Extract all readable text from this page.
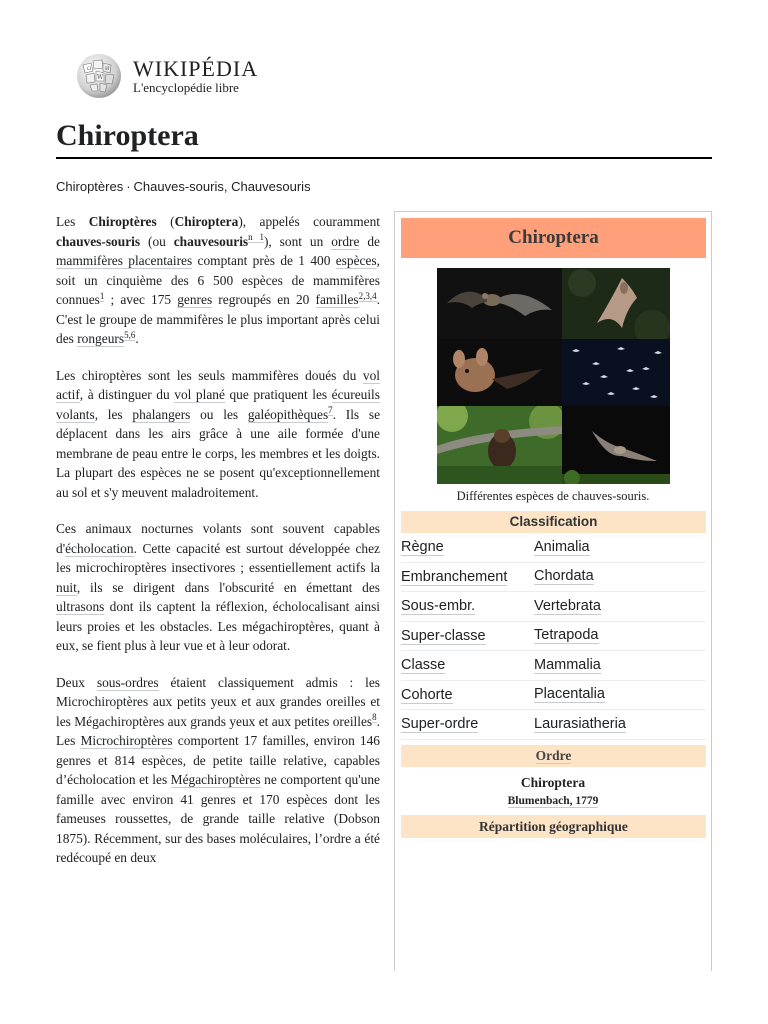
W
Ω	И WIKIPÉDIA
L'encyclopédie libre
Chiroptera
Chiroptères · Chauves-souris, Chauvesouris

Les Chiroptères (Chiroptera), appelés couramment chauves-souris (ou chauvesouris$^{n 1}$), sont un ordre de mammifères placentaires comptant près de 1 400 espèces, soit un cinquième des 6 500 espèces de mammifères connues$^1$ ; avec 175 genres regroupés en 20 familles$^{2,3,4}$. C'est le groupe de mammifères le plus important après celui des rongeurs$^{5,6}$.

Les chiroptères sont les seuls mammifères doués du vol actif, à distinguer du vol plané que pratiquent les écureuils volants, les phalangers ou les galéopithèques$^7$. Ils se déplacent dans les airs grâce à une aile formée d'une membrane de peau entre le corps, les membres et les doigts. La plupart des espèces ne se posent qu'exceptionnellement au sol et s'y meuvent maladroitement.

Ces animaux nocturnes volants sont souvent capables d'écholocation. Cette capacité est surtout développée chez les microchiroptères insectivores ; essentiellement actifs la nuit, ils se dirigent dans l'obscurité en émettant des ultrasons dont ils captent la réflexion, écholocalisant ainsi leurs proies et les obstacles. Les mégachiroptères, quant à eux, se fient plus à leur vue et à leur odorat.

Deux sous-ordres étaient classiquement admis : les Microchiroptères aux petits yeux et aux grandes oreilles et les Mégachiroptères aux grands yeux et aux petites oreilles$^8$. Les Microchiroptères comportent 17 familles, environ 146 genres et 814 espèces, de petite taille relative, capables d’écholocation et les Mégachiroptères ne comportent qu'une famille avec environ 41 genres et 170 espèces dont les fameuses roussettes, de grande taille relative (Dobson 1875). Récemment, sur des bases moléculaires, l’ordre a été redécoupé en deux

Chiroptera
Différentes espèces de chauves-souris.
Classification
Règne	Animalia
Embranchement	Chordata
Sous-embr.	Vertebrata
Super-classe	Tetrapoda
Classe	Mammalia
Cohorte	Placentalia
Super-ordre	Laurasiatheria
Ordre
Chiroptera
Blumenbach, 1779
Répartition géographique
